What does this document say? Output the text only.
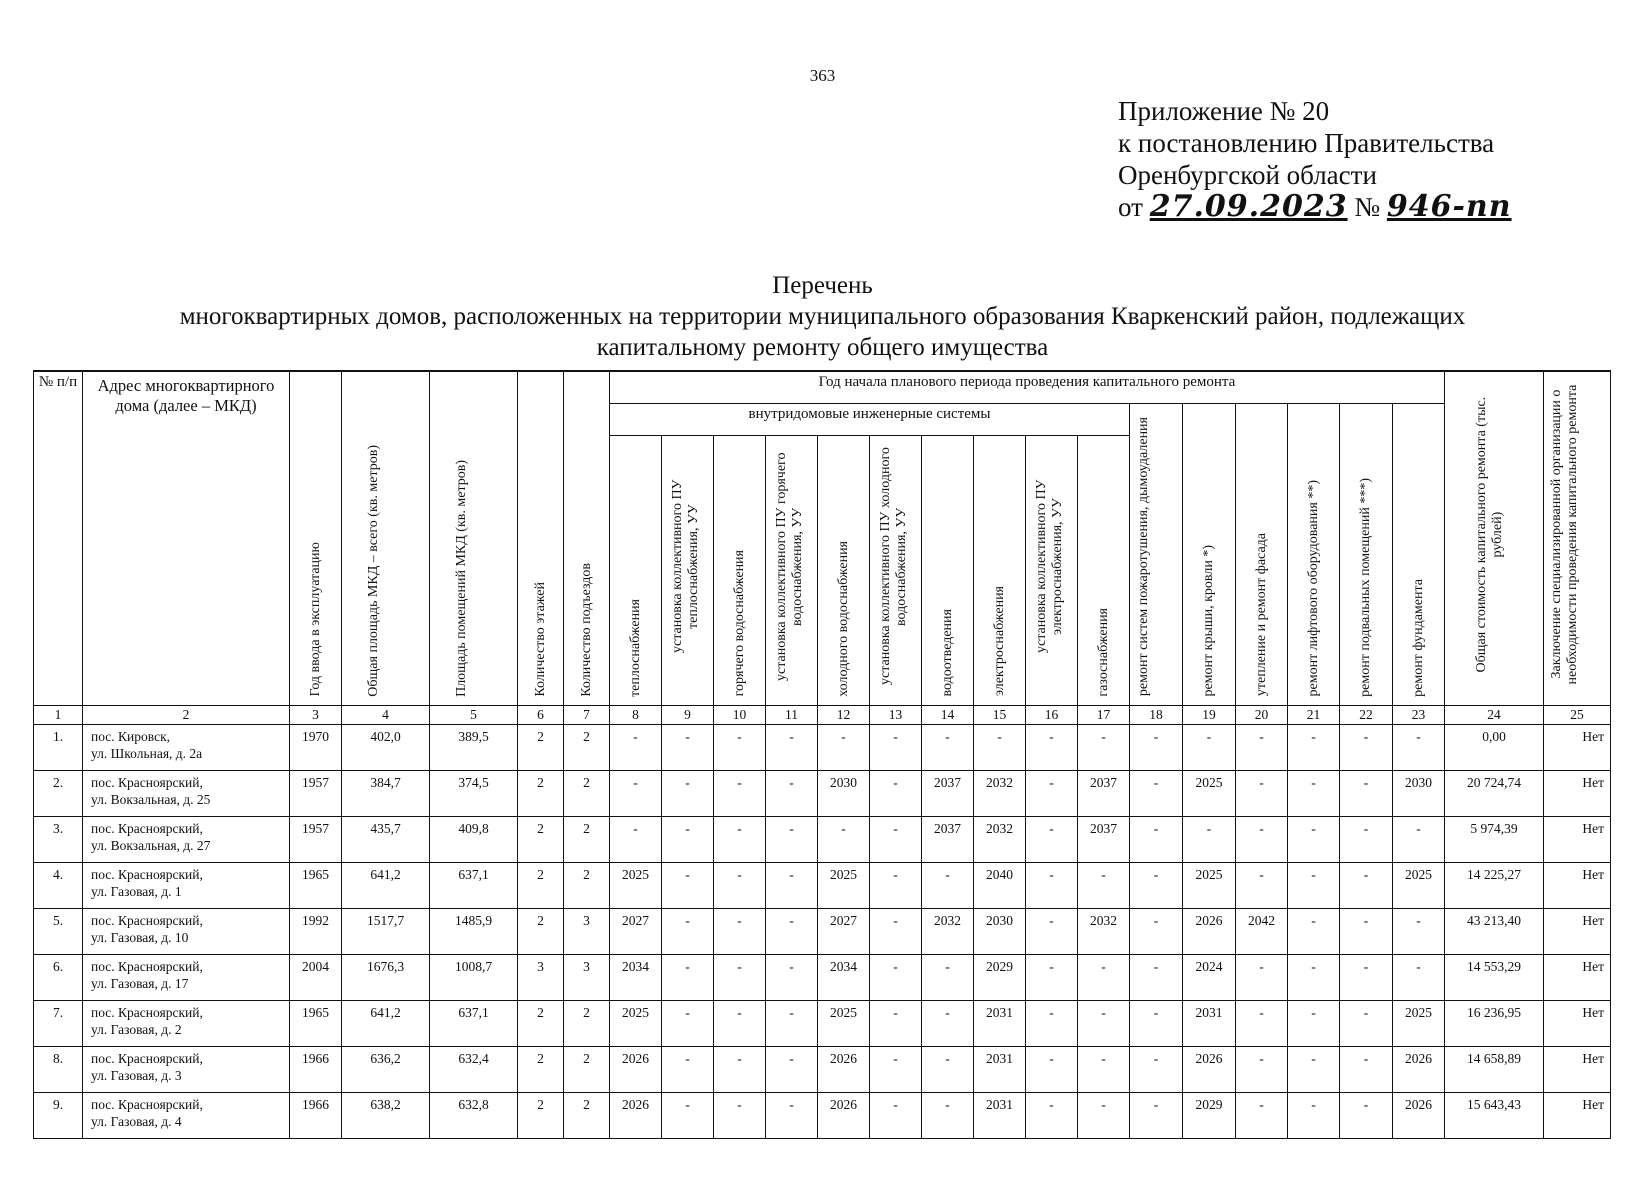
363
Приложение № 20
к постановлению Правительства
Оренбургской области
от 27.09.2023 № 946-пп
Перечень
многоквартирных домов, расположенных на территории муниципального образования Кваркенский район, подлежащих
капитальному ремонту общего имущества
№ п/п	Адрес многоквартирного дома (далее – МКД)	Год ввода в эксплуатацию	Общая площадь МКД – всего (кв. метров)	Площадь помещений МКД (кв. метров)	Количество этажей	Количество подъездов	Год начала планового периода проведения капитального ремонта																Общая стоимость капитального ремонта (тыс. рублей)	Заключение специализированной организации о необходимости проведения капитального ремонта

							внутридомовые инженерные системы										ремонт систем пожаротушения, дымоудаления	ремонт крыши, кровли *)	утепление и ремонт фасада	ремонт лифтового оборудования **)	ремонт подвальных помещений ***)	ремонт фундамента		

							теплоснабжения	установка коллективного ПУ теплоснабжения, УУ	горячего водоснабжения	установка коллективного ПУ горячего водоснабжения, УУ	холодного водоснабжения	установка коллективного ПУ холодного водоснабжения, УУ	водоотведения	электроснабжения	установка коллективного ПУ электроснабжения, УУ	газоснабжения								

1	2	3	4	5	6	7	8	9	10	11	12	13	14	15	16	17	18	19	20	21	22	23	24	25
1.	пос. Кировск,
ул. Школьная, д. 2а	1970	402,0	389,5	2	2	-	-	-	-	-	-	-	-	-	-	-	-	-	-	-	-	0,00	Нет
2.	пос. Красноярский,
ул. Вокзальная, д. 25	1957	384,7	374,5	2	2	-	-	-	-	2030	-	2037	2032	-	2037	-	2025	-	-	-	2030	20 724,74	Нет
3.	пос. Красноярский,
ул. Вокзальная, д. 27	1957	435,7	409,8	2	2	-	-	-	-	-	-	2037	2032	-	2037	-	-	-	-	-	-	5 974,39	Нет
4.	пос. Красноярский,
ул. Газовая, д. 1	1965	641,2	637,1	2	2	2025	-	-	-	2025	-	-	2040	-	-	-	2025	-	-	-	2025	14 225,27	Нет
5.	пос. Красноярский,
ул. Газовая, д. 10	1992	1517,7	1485,9	2	3	2027	-	-	-	2027	-	2032	2030	-	2032	-	2026	2042	-	-	-	43 213,40	Нет
6.	пос. Красноярский,
ул. Газовая, д. 17	2004	1676,3	1008,7	3	3	2034	-	-	-	2034	-	-	2029	-	-	-	2024	-	-	-	-	14 553,29	Нет
7.	пос. Красноярский,
ул. Газовая, д. 2	1965	641,2	637,1	2	2	2025	-	-	-	2025	-	-	2031	-	-	-	2031	-	-	-	2025	16 236,95	Нет
8.	пос. Красноярский,
ул. Газовая, д. 3	1966	636,2	632,4	2	2	2026	-	-	-	2026	-	-	2031	-	-	-	2026	-	-	-	2026	14 658,89	Нет
9.	пос. Красноярский,
ул. Газовая, д. 4	1966	638,2	632,8	2	2	2026	-	-	-	2026	-	-	2031	-	-	-	2029	-	-	-	2026	15 643,43	Нет
